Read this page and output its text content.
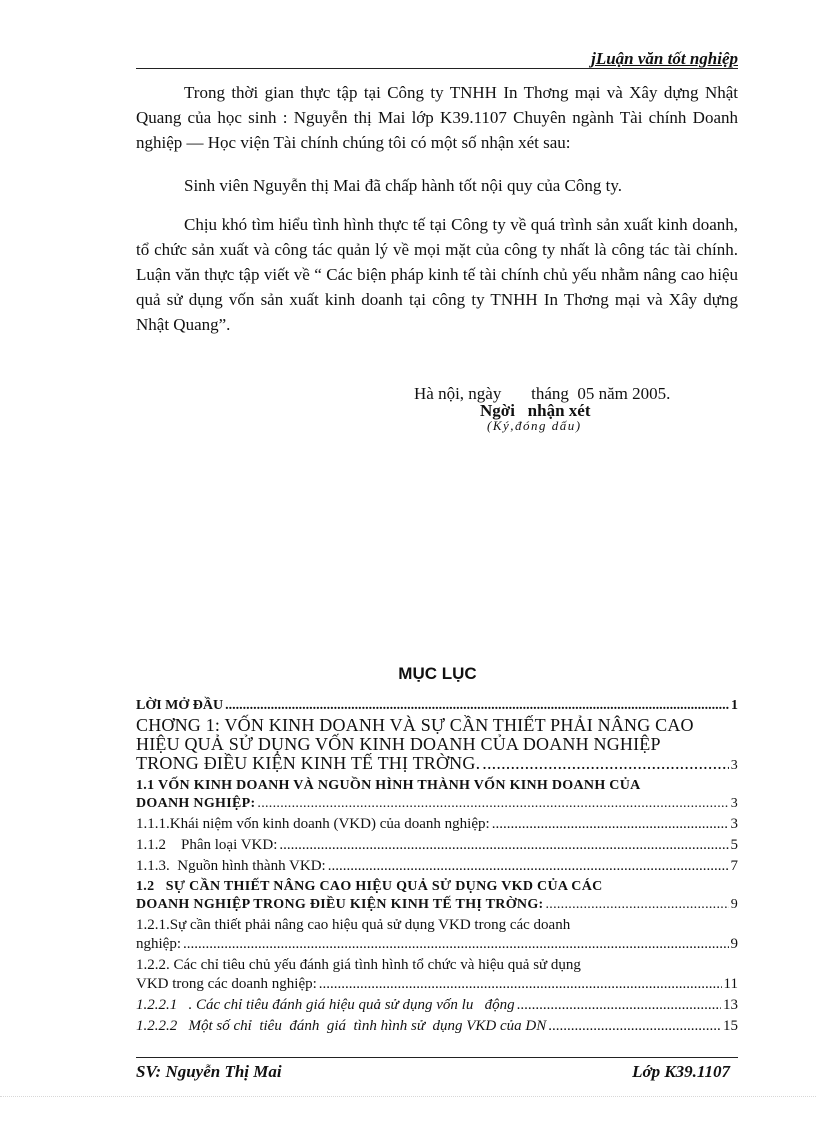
jLuận văn tốt nghiệp

Trong thời gian thực tập tại Công ty TNHH In Thơng mại và Xây dựng Nhật Quang của học sinh : Nguyễn thị Mai lớp K39.1107 Chuyên ngành Tài chính Doanh nghiệp — Học viện Tài chính chúng tôi có một số nhận xét sau:

Sinh viên Nguyễn thị Mai đã chấp hành tốt nội quy của Công ty.

Chịu khó tìm hiểu tình hình thực tế tại Công ty về quá trình sản xuất kinh doanh, tổ chức sản xuất và công tác quản lý về mọi mặt của công ty nhất là công tác tài chính. Luận văn thực tập viết về “ Các biện pháp kinh tế tài chính chủ yếu nhằm nâng cao hiệu quả sử dụng vốn sản xuất kinh doanh tại công ty TNHH In Thơng mại và Xây dựng Nhật Quang”.

Hà nội, ngày       tháng  05 năm 2005.
Ngời   nhận xét
(Ký,đóng dấu)
MỤC LỤC
LỜI MỞ ĐẦU .....	1
CHƠNG 1: VỐN KINH DOANH VÀ SỰ CẦN THIẾT PHẢI NÂNG CAO HIỆU QUẢ SỬ DỤNG VỐN KINH DOANH CỦA DOANH NGHIỆP
TRONG ĐIỀU KIỆN KINH TẾ THỊ TRỜNG. .....	3
1.1 VỐN KINH DOANH VÀ NGUỒN HÌNH THÀNH VỐN KINH DOANH CỦA
DOANH NGHIỆP: .....	3
1.1.1.Khái niệm vốn kinh doanh (VKD) của doanh nghiệp: .....	3
1.1.2    Phân loại VKD: .....	5
1.1.3.  Nguồn hình thành VKD: .....	7
1.2   SỰ CẦN THIẾT NÂNG CAO HIỆU QUẢ SỬ DỤNG VKD CỦA CÁC
DOANH NGHIỆP TRONG ĐIỀU KIỆN KINH TẾ THỊ TRỜNG: .....	9
1.2.1.Sự cần thiết phải nâng cao hiệu quả sử dụng VKD trong các doanh
nghiệp: .....	9
1.2.2. Các chỉ tiêu chủ yếu đánh giá tình hình tổ chức và hiệu quả sử dụng
VKD trong các doanh nghiệp: .....	11
1.2.2.1   . Các chỉ tiêu đánh giá hiệu quả sử dụng vốn lu   động .....	13
1.2.2.2   Một số chỉ  tiêu  đánh  giá  tình hình sử  dụng VKD của DN .....	15
SV: Nguyễn Thị Mai	Lớp K39.1107
